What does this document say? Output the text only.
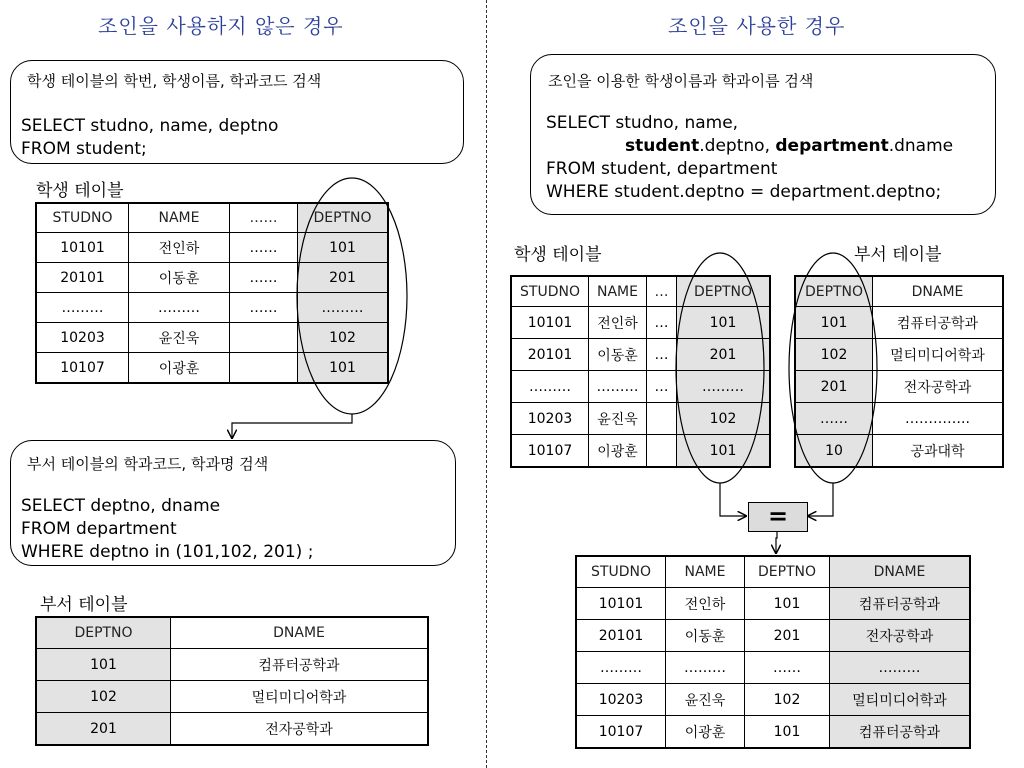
조인을 사용하지 않은 경우	조인을 사용한 경우
학생 테이블의 학번, 학생이름, 학과코드 검색
SELECT studno, name, deptno
FROM student;
학생 테이블
STUDNO	NAME	……	DEPTNO
10101	전인하	……	101
20101	이동훈	……	201
………	………	……	………
10203	윤진욱		102
10107	이광훈		101
부서 테이블의 학과코드, 학과명 검색
SELECT deptno, dname
FROM department
WHERE deptno in (101,102, 201) ;
부서 테이블
DEPTNO	DNAME
101	컴퓨터공학과
102	멀티미디어학과
201	전자공학과
조인을 이용한 학생이름과 학과이름 검색
SELECT studno, name,
student.deptno, department.dname
FROM student, department
WHERE student.deptno = department.deptno;
학생 테이블	부서 테이블
STUDNO	NAME	…	DEPTNO
10101	전인하	…	101
20101	이동훈	…	201
………	………	…	………
10203	윤진욱		102
10107	이광훈		101
DEPTNO	DNAME
101	컴퓨터공학과
102	멀티미디어학과
201	전자공학과
……	…………..
10	공과대학
=
STUDNO	NAME	DEPTNO	DNAME
10101	전인하	101	컴퓨터공학과
20101	이동훈	201	전자공학과
………	………	……	………
10203	윤진욱	102	멀티미디어학과
10107	이광훈	101	컴퓨터공학과
